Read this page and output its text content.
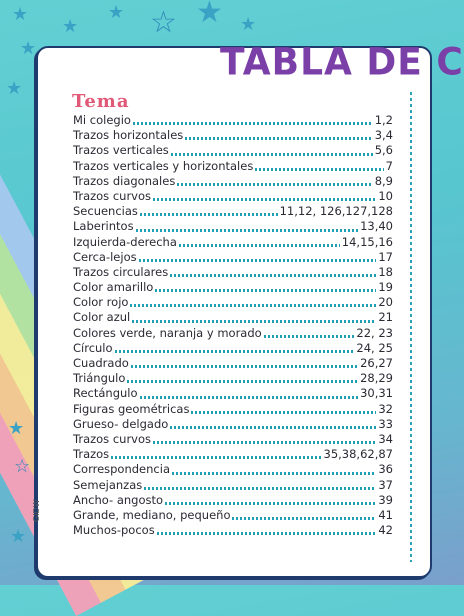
☆ ★
★
★
★
★
★
★
☆
★
★
TABLA DE C
Tema
GIDW
Mi colegio	1,2
Trazos horizontales	3,4
Trazos verticales	5,6
Trazos verticales y horizontales	7
Trazos diagonales	8,9
Trazos curvos	10
Secuencias	11,12, 126,127,128
Laberintos	13,40
Izquierda-derecha	14,15,16
Cerca-lejos	17
Trazos circulares	18
Color amarillo	19
Color rojo	20
Color azul	21
Colores verde, naranja y morado	22, 23
Círculo	24, 25
Cuadrado	26,27
Triángulo	28,29
Rectángulo	30,31
Figuras geométricas	32
Grueso- delgado	33
Trazos curvos	34
Trazos	35,38,62,87
Correspondencia	36
Semejanzas	37
Ancho- angosto	39
Grande, mediano, pequeño	41
Muchos-pocos	42
